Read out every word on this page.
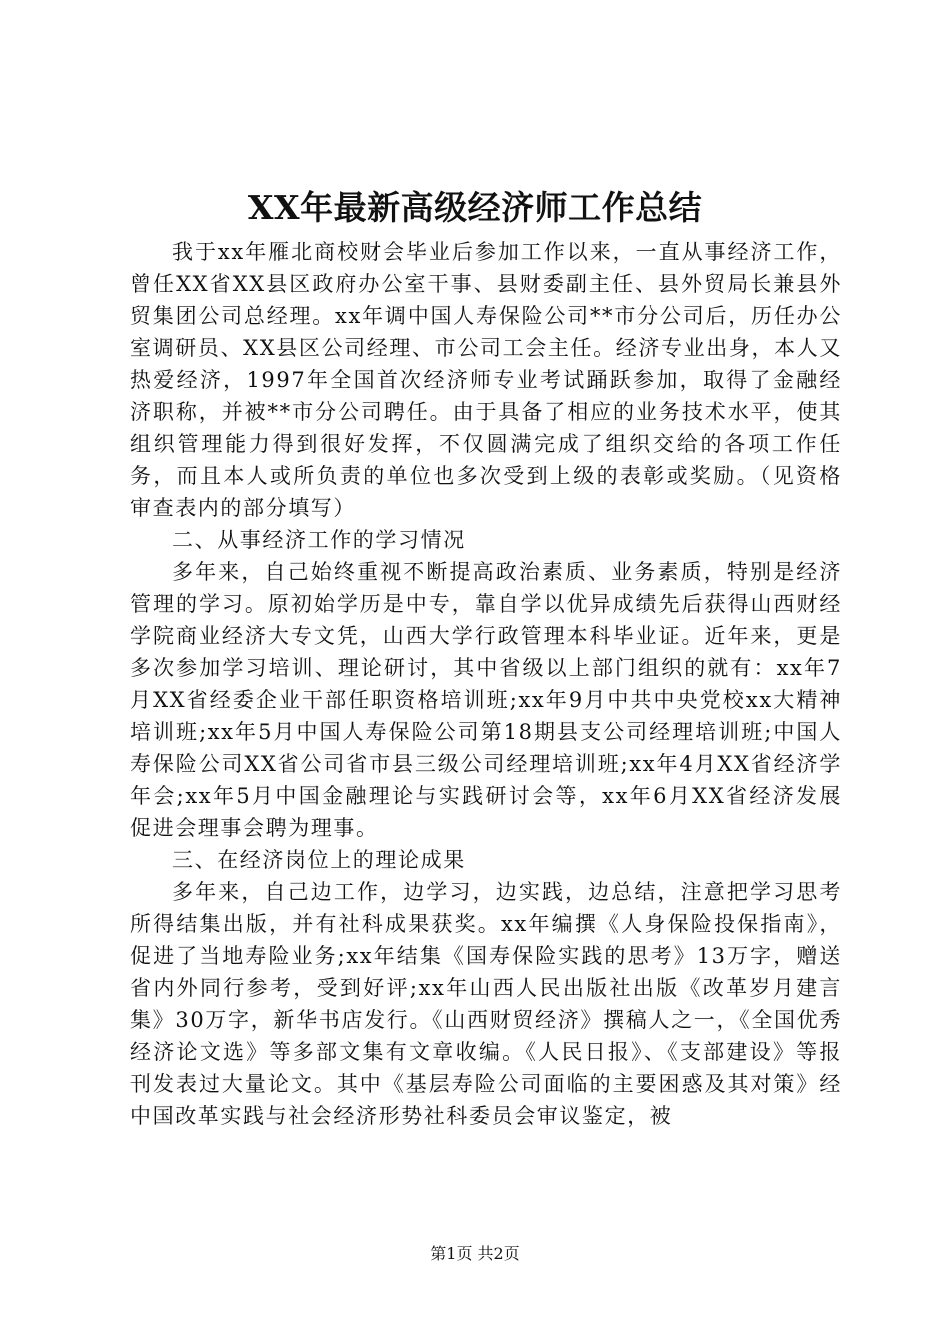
XX年最新高级经济师工作总结

我于xx年雁北商校财会毕业后参加工作以来，一直从事经济工作，曾任XX省XX县区政府办公室干事、县财委副主任、县外贸局长兼县外贸集团公司总经理。xx年调中国人寿保险公司**市分公司后，历任办公室调研员、XX县区公司经理、市公司工会主任。经济专业出身，本人又热爱经济，1997年全国首次经济师专业考试踊跃参加，取得了金融经济职称，并被**市分公司聘任。由于具备了相应的业务技术水平，使其组织管理能力得到很好发挥，不仅圆满完成了组织交给的各项工作任务，而且本人或所负责的单位也多次受到上级的表彰或奖励。（见资格审查表内的部分填写）

二、从事经济工作的学习情况

多年来，自己始终重视不断提高政治素质、业务素质，特别是经济管理的学习。原初始学历是中专，靠自学以优异成绩先后获得山西财经学院商业经济大专文凭，山西大学行政管理本科毕业证。近年来，更是多次参加学习培训、理论研讨，其中省级以上部门组织的就有：xx年7月XX省经委企业干部任职资格培训班;xx年9月中共中央党校xx大精神培训班;xx年5月中国人寿保险公司第18期县支公司经理培训班;中国人寿保险公司XX省公司省市县三级公司经理培训班;xx年4月XX省经济学年会;xx年5月中国金融理论与实践研讨会等，xx年6月XX省经济发展促进会理事会聘为理事。

三、在经济岗位上的理论成果

多年来，自己边工作，边学习，边实践，边总结，注意把学习思考所得结集出版，并有社科成果获奖。xx年编撰《人身保险投保指南》，促进了当地寿险业务;xx年结集《国寿保险实践的思考》13万字，赠送省内外同行参考，受到好评;xx年山西人民出版社出版《改革岁月建言集》30万字，新华书店发行。《山西财贸经济》撰稿人之一，《全国优秀经济论文选》等多部文集有文章收编。《人民日报》、《支部建设》等报刊发表过大量论文。其中《基层寿险公司面临的主要困惑及其对策》经中国改革实践与社会经济形势社科委员会审议鉴定，被

第1页 共2页
